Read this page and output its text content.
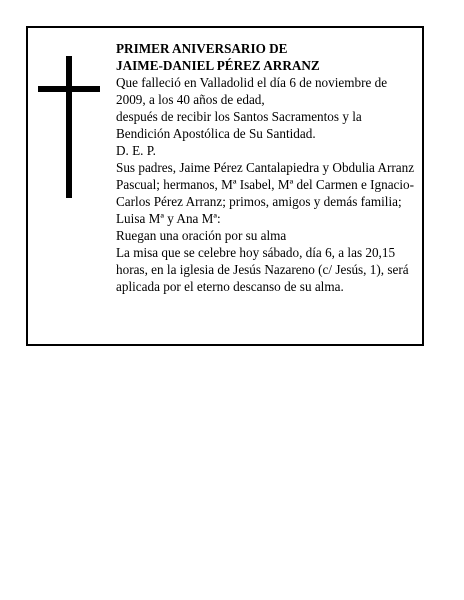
PRIMER ANIVERSARIO DE
JAIME-DANIEL PÉREZ ARRANZ

Que falleció en Valladolid el día 6 de noviembre de 2009, a los 40 años de edad,

después de recibir los Santos Sacramentos y la Bendición Apostólica de Su Santidad.

D. E. P.

Sus padres, Jaime Pérez Cantalapiedra y Obdulia Arranz Pascual; hermanos, Mª Isabel, Mª del Carmen e Ignacio-Carlos Pérez Arranz; primos, amigos y demás familia; Luisa Mª y Ana Mª:

Ruegan una oración por su alma

La misa que se celebre hoy sábado, día 6, a las 20,15 horas, en la iglesia de Jesús Nazareno (c/ Jesús, 1), será aplicada por el eterno descanso de su alma.
